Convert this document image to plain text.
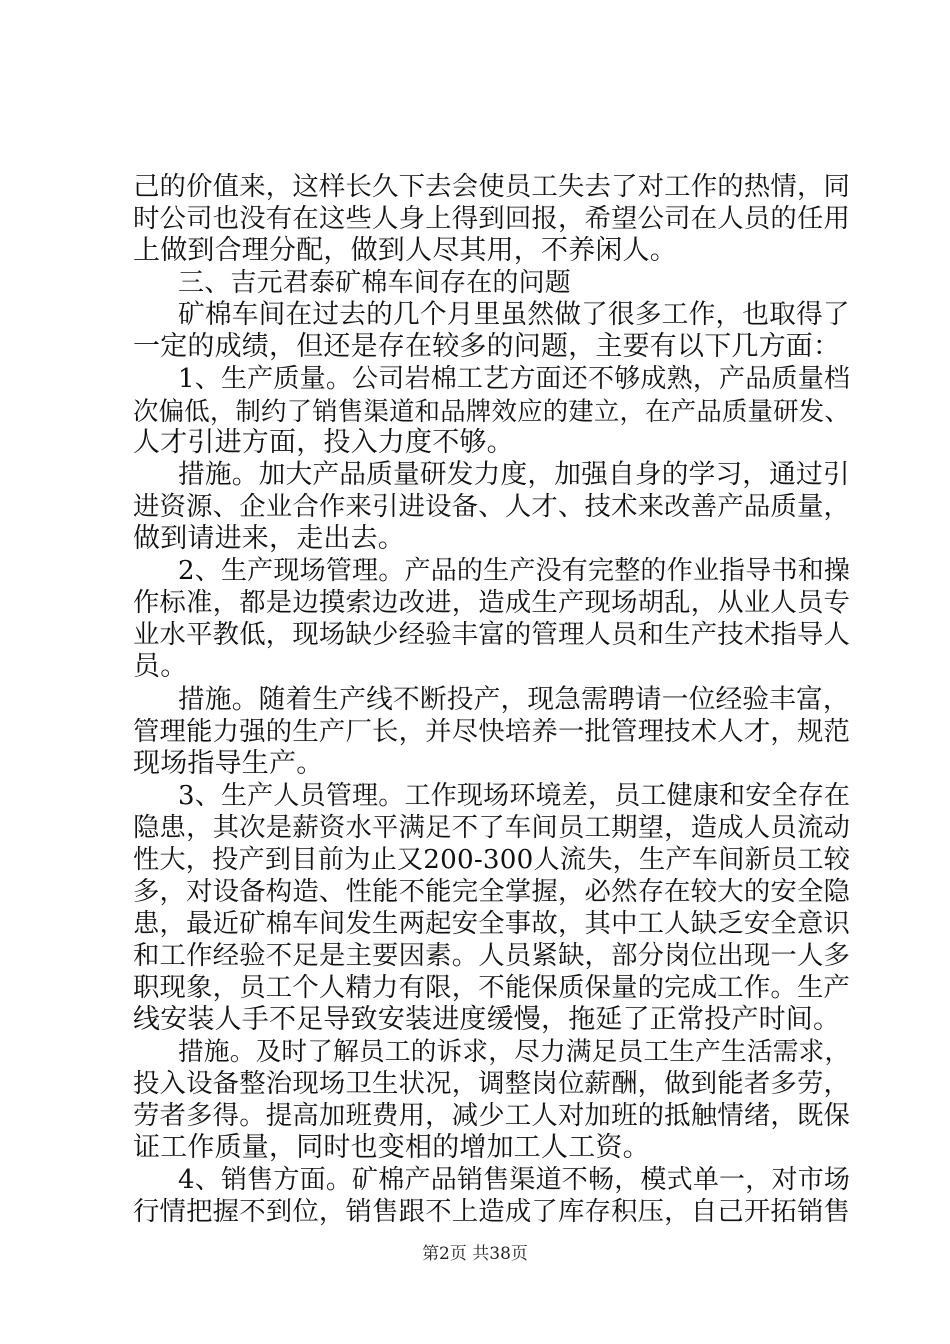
己的价值来，这样长久下去会使员工失去了对工作的热情，同
时公司也没有在这些人身上得到回报，希望公司在人员的任用
上做到合理分配，做到人尽其用，不养闲人。
三、吉元君泰矿棉车间存在的问题
矿棉车间在过去的几个月里虽然做了很多工作，也取得了
一定的成绩，但还是存在较多的问题，主要有以下几方面：
1、生产质量。公司岩棉工艺方面还不够成熟，产品质量档
次偏低，制约了销售渠道和品牌效应的建立，在产品质量研发、
人才引进方面，投入力度不够。
措施。加大产品质量研发力度，加强自身的学习，通过引
进资源、企业合作来引进设备、人才、技术来改善产品质量，
做到请进来，走出去。
2、生产现场管理。产品的生产没有完整的作业指导书和操
作标准，都是边摸索边改进，造成生产现场胡乱，从业人员专
业水平教低，现场缺少经验丰富的管理人员和生产技术指导人
员。
措施。随着生产线不断投产，现急需聘请一位经验丰富，
管理能力强的生产厂长，并尽快培养一批管理技术人才，规范
现场指导生产。
3、生产人员管理。工作现场环境差，员工健康和安全存在
隐患，其次是薪资水平满足不了车间员工期望，造成人员流动
性大，投产到目前为止又200-300人流失，生产车间新员工较
多，对设备构造、性能不能完全掌握，必然存在较大的安全隐
患，最近矿棉车间发生两起安全事故，其中工人缺乏安全意识
和工作经验不足是主要因素。人员紧缺，部分岗位出现一人多
职现象，员工个人精力有限，不能保质保量的完成工作。生产
线安装人手不足导致安装进度缓慢，拖延了正常投产时间。
措施。及时了解员工的诉求，尽力满足员工生产生活需求，
投入设备整治现场卫生状况，调整岗位薪酬，做到能者多劳，
劳者多得。提高加班费用，减少工人对加班的抵触情绪，既保
证工作质量，同时也变相的增加工人工资。
4、销售方面。矿棉产品销售渠道不畅，模式单一，对市场
行情把握不到位，销售跟不上造成了库存积压，自己开拓销售
第2页 共38页
